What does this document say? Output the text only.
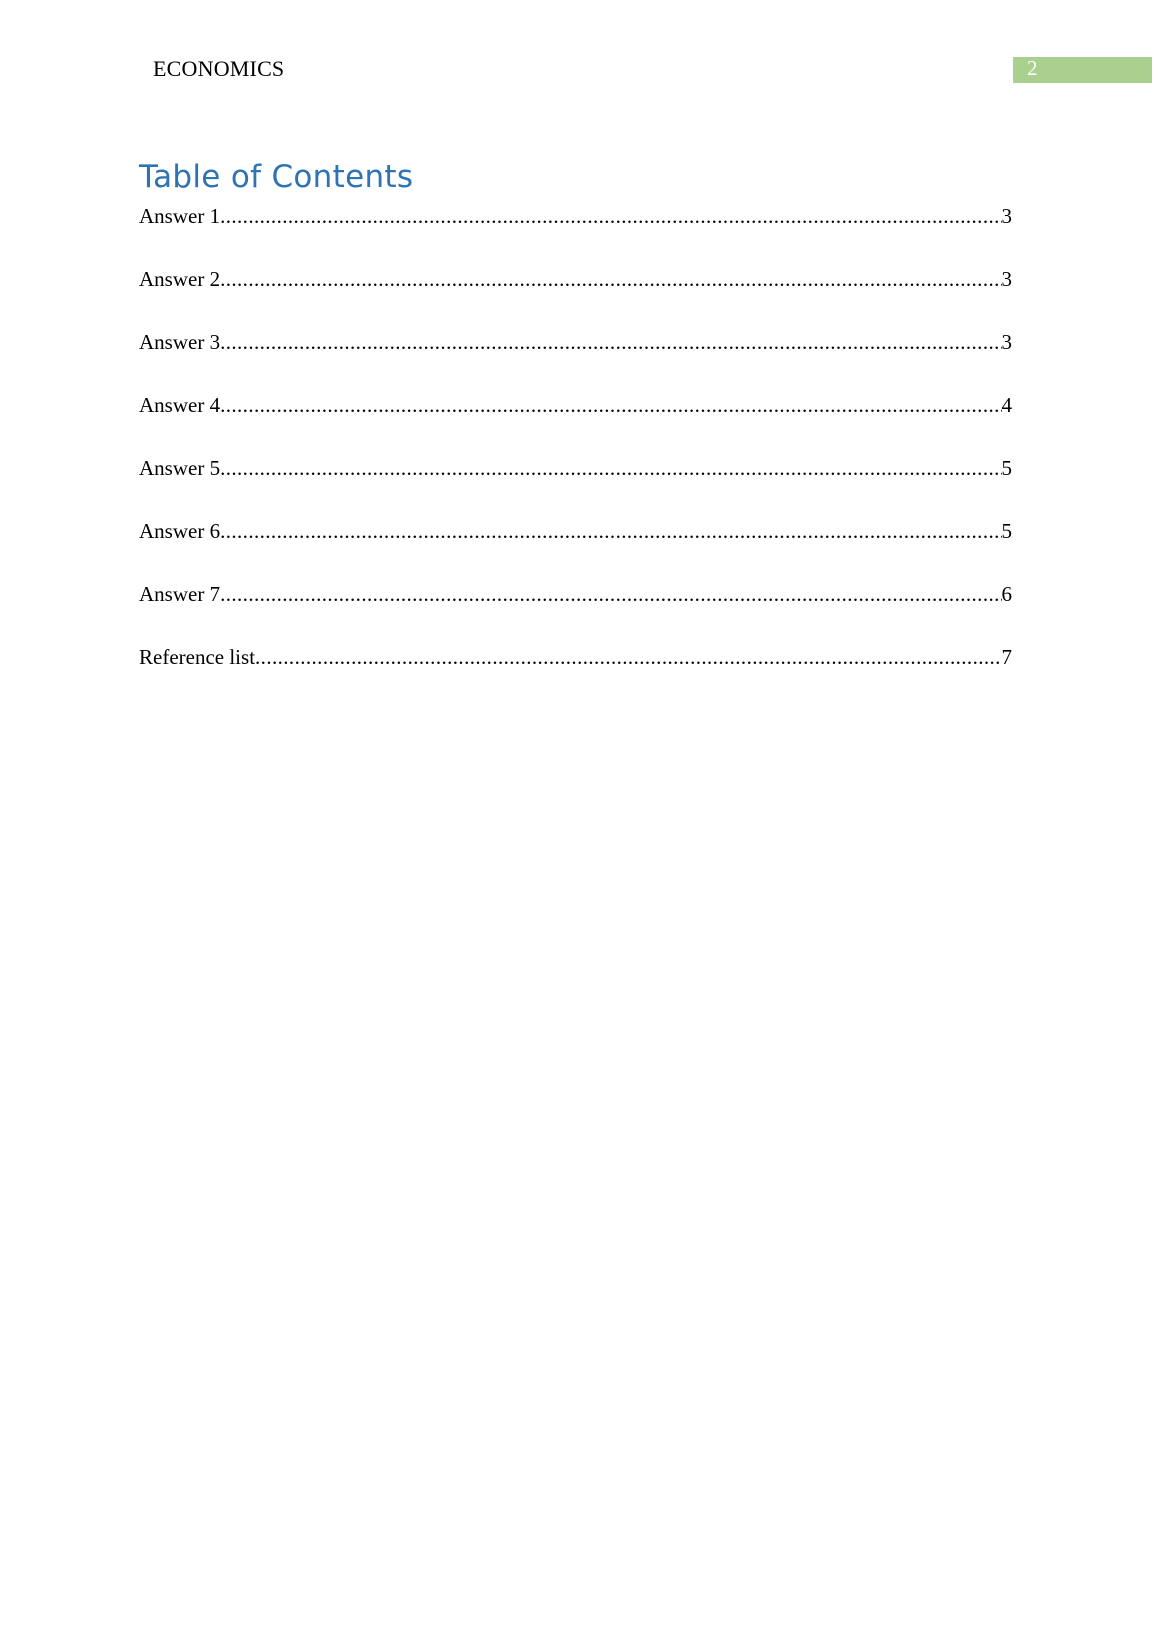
ECONOMICS	2
Table of Contents
Answer 1 .....	3
Answer 2 .....	3
Answer 3 .....	3
Answer 4 .....	4
Answer 5 .....	5
Answer 6 .....	5
Answer 7 .....	6
Reference list .....	7
